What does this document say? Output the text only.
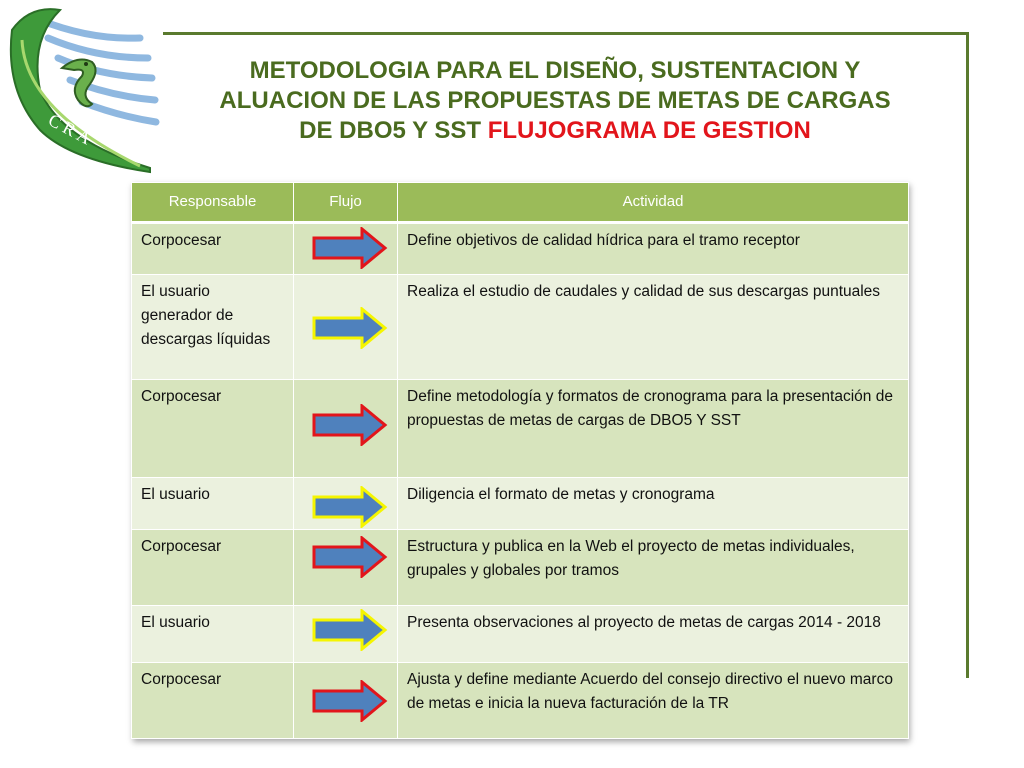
CRA
METODOLOGIA PARA EL DISEÑO, SUSTENTACION Y
ALUACION DE LAS PROPUESTAS DE METAS DE CARGAS
DE DBO5 Y SST FLUJOGRAMA DE GESTION
Responsable	Flujo	Actividad
Corpocesar		Define objetivos de calidad hídrica para el tramo receptor
El usuario generador de descargas líquidas		Realiza el estudio de caudales y calidad de sus descargas puntuales
Corpocesar		Define metodología y formatos de cronograma para la presentación de propuestas de metas de cargas de DBO5 Y SST
El usuario		Diligencia el formato de metas y cronograma
Corpocesar		Estructura y publica en la Web el proyecto de metas individuales, grupales y globales por tramos
El usuario		Presenta observaciones al proyecto de metas de cargas 2014 - 2018
Corpocesar		Ajusta y define mediante Acuerdo del consejo directivo el nuevo marco de metas e inicia la nueva facturación de la TR
